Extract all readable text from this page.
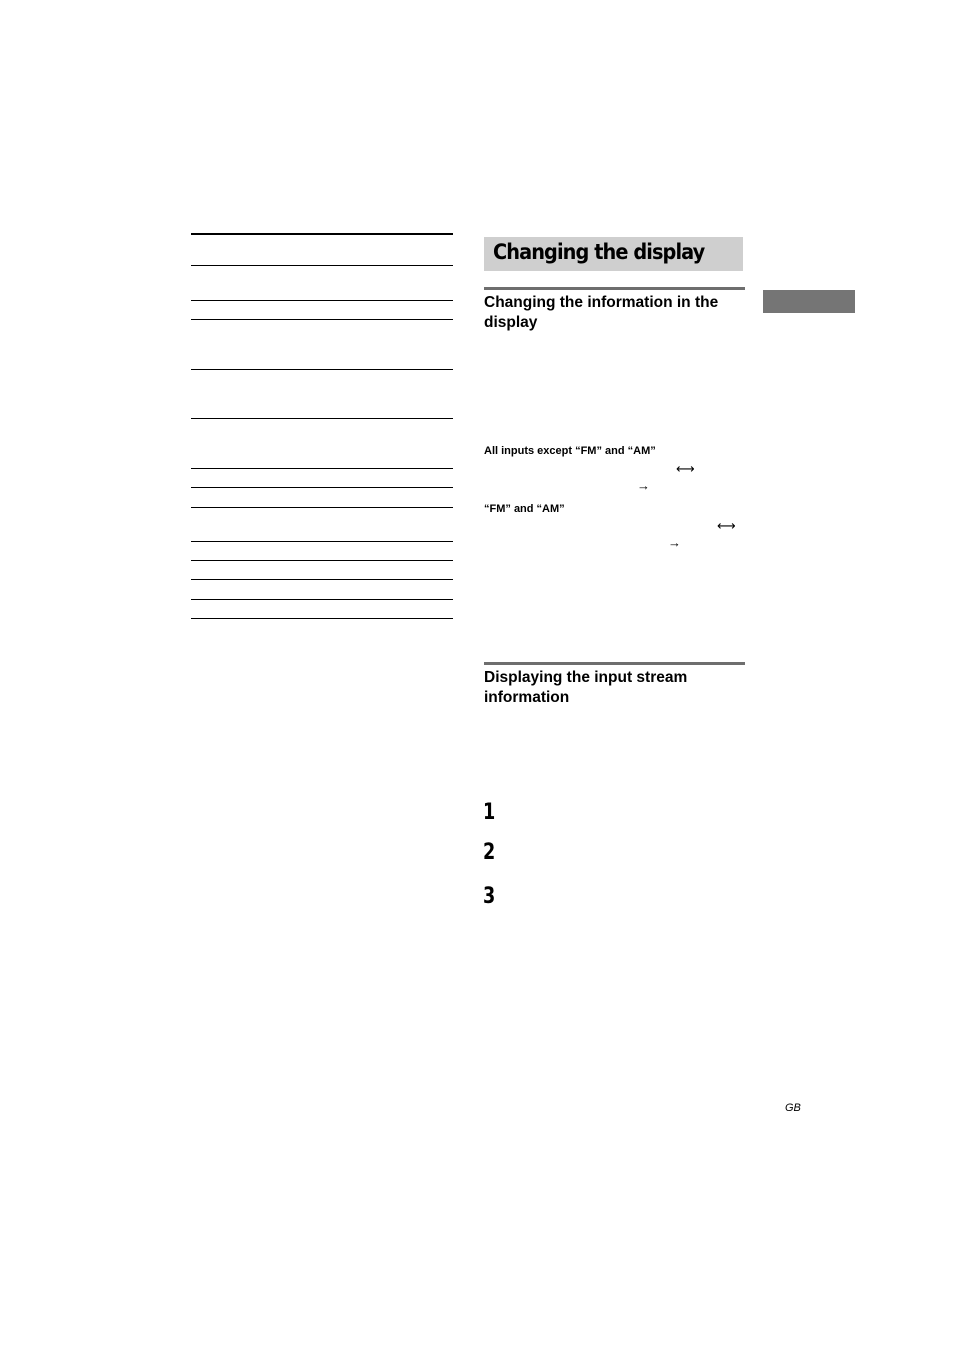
Changing the display
Changing the information in the display
All inputs except “FM” and “AM”
⟷
→
“FM” and “AM”
⟷
→
Displaying the input stream information
1
2
3
GB
